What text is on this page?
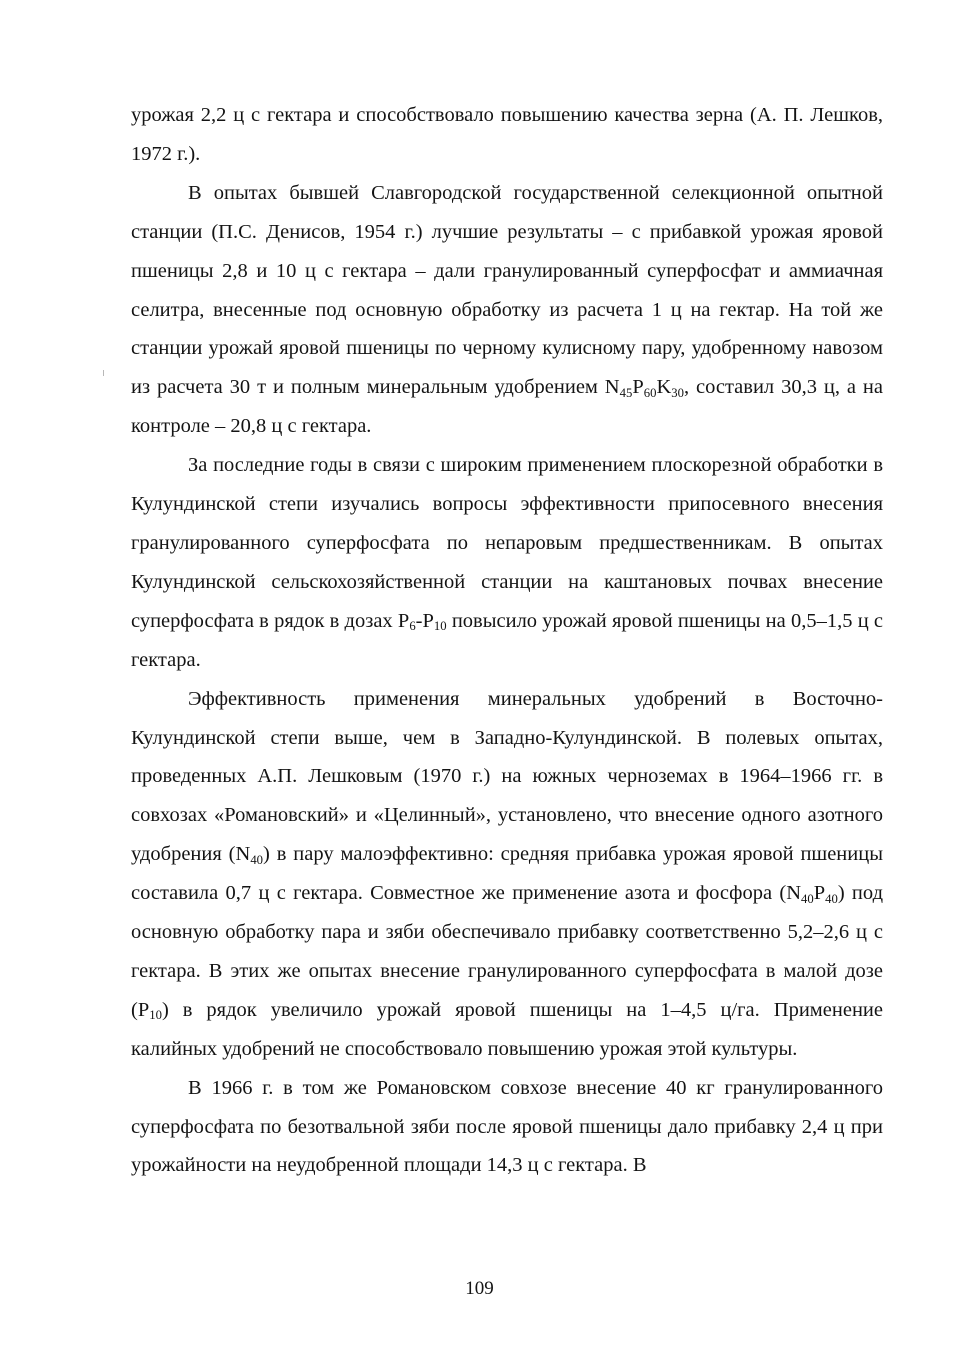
урожая 2,2 ц с гектара и способствовало повышению качества зерна (А. П. Лешков, 1972 г.).

В опытах бывшей Славгородской государственной селекционной опытной станции (П.С. Денисов, 1954 г.) лучшие результаты – с прибавкой урожая яровой пшеницы 2,8 и 10 ц с гектара – дали гранулированный суперфосфат и аммиачная селитра, внесенные под основную обработку из расчета 1 ц на гектар. На той же станции урожай яровой пшеницы по черному кулисному пару, удобренному навозом из расчета 30 т и полным минеральным удобрением $N_{45}P_{60}K_{30}$, составил 30,3 ц, а на контроле – 20,8 ц с гектара.

За последние годы в связи с широким применением плоскорезной обработки в Кулундинской степи изучались вопросы эффективности припосевного внесения гранулированного суперфосфата по непаровым предшественникам. В опытах Кулундинской сельскохозяйственной станции на каштановых почвах внесение суперфосфата в рядок в дозах $P_6-P_{10}$ повысило урожай яровой пшеницы на 0,5–1,5 ц с гектара.

Эффективность применения минеральных удобрений в Восточно-Кулундинской степи выше, чем в Западно-Кулундинской. В полевых опытах, проведенных А.П. Лешковым (1970 г.) на южных черноземах в 1964–1966 гг. в совхозах «Романовский» и «Целинный», установлено, что внесение одного азотного удобрения $(N_{40})$ в пару малоэффективно: средняя прибавка урожая яровой пшеницы составила 0,7 ц с гектара. Совместное же применение азота и фосфора $(N_{40}P_{40})$ под основную обработку пара и зяби обеспечивало прибавку соответственно 5,2–2,6 ц с гектара. В этих же опытах внесение гранулированного суперфосфата в малой дозе $(P_{10})$ в рядок увеличило урожай яровой пшеницы на 1–4,5 ц/га. Применение калийных удобрений не способствовало повышению урожая этой культуры.

В 1966 г. в том же Романовском совхозе внесение 40 кг гранулированного суперфосфата по безотвальной зяби после яровой пшеницы дало прибавку 2,4 ц при урожайности на неудобренной площади 14,3 ц с гектара. В

109
